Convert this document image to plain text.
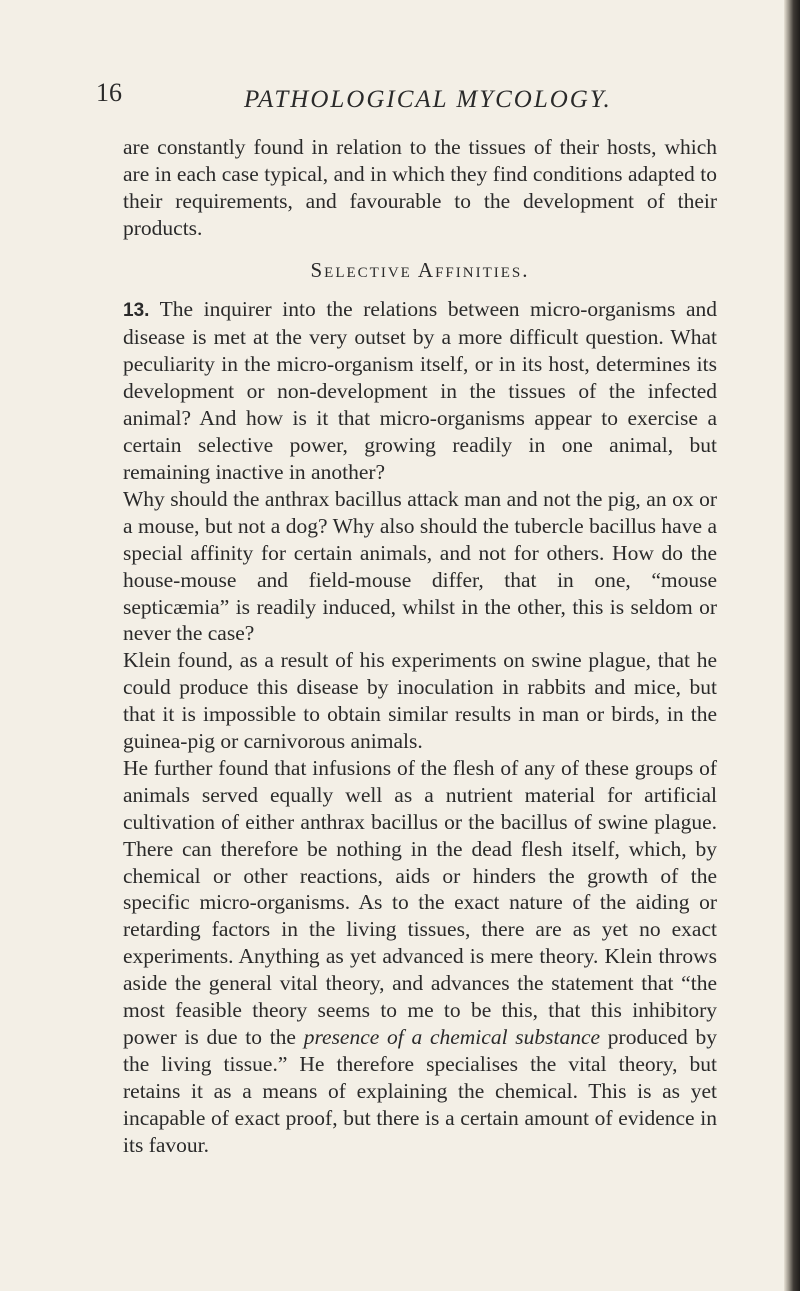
16	PATHOLOGICAL MYCOLOGY.

are constantly found in relation to the tissues of their hosts, which are in each case typical, and in which they find conditions adapted to their requirements, and favourable to the development of their products.

Selective Affinities.

13. The inquirer into the relations between micro-organisms and disease is met at the very outset by a more difficult question. What peculiarity in the micro-organism itself, or in its host, determines its development or non-development in the tissues of the infected animal? And how is it that micro-organisms appear to exercise a certain selective power, growing readily in one animal, but remaining inactive in another?

Why should the anthrax bacillus attack man and not the pig, an ox or a mouse, but not a dog? Why also should the tubercle bacillus have a special affinity for certain animals, and not for others. How do the house-mouse and field-mouse differ, that in one, “mouse septicæmia” is readily induced, whilst in the other, this is seldom or never the case?

Klein found, as a result of his experiments on swine plague, that he could produce this disease by inoculation in rabbits and mice, but that it is impossible to obtain similar results in man or birds, in the guinea-pig or carnivorous animals.

He further found that infusions of the flesh of any of these groups of animals served equally well as a nutrient material for artificial cultivation of either anthrax bacillus or the bacillus of swine plague. There can therefore be nothing in the dead flesh itself, which, by chemical or other reactions, aids or hinders the growth of the specific micro-organisms. As to the exact nature of the aiding or retarding factors in the living tissues, there are as yet no exact experiments. Anything as yet advanced is mere theory. Klein throws aside the general vital theory, and advances the statement that “the most feasible theory seems to me to be this, that this inhibitory power is due to the presence of a chemical substance produced by the living tissue.” He therefore specialises the vital theory, but retains it as a means of explaining the chemical. This is as yet incapable of exact proof, but there is a certain amount of evidence in its favour.
